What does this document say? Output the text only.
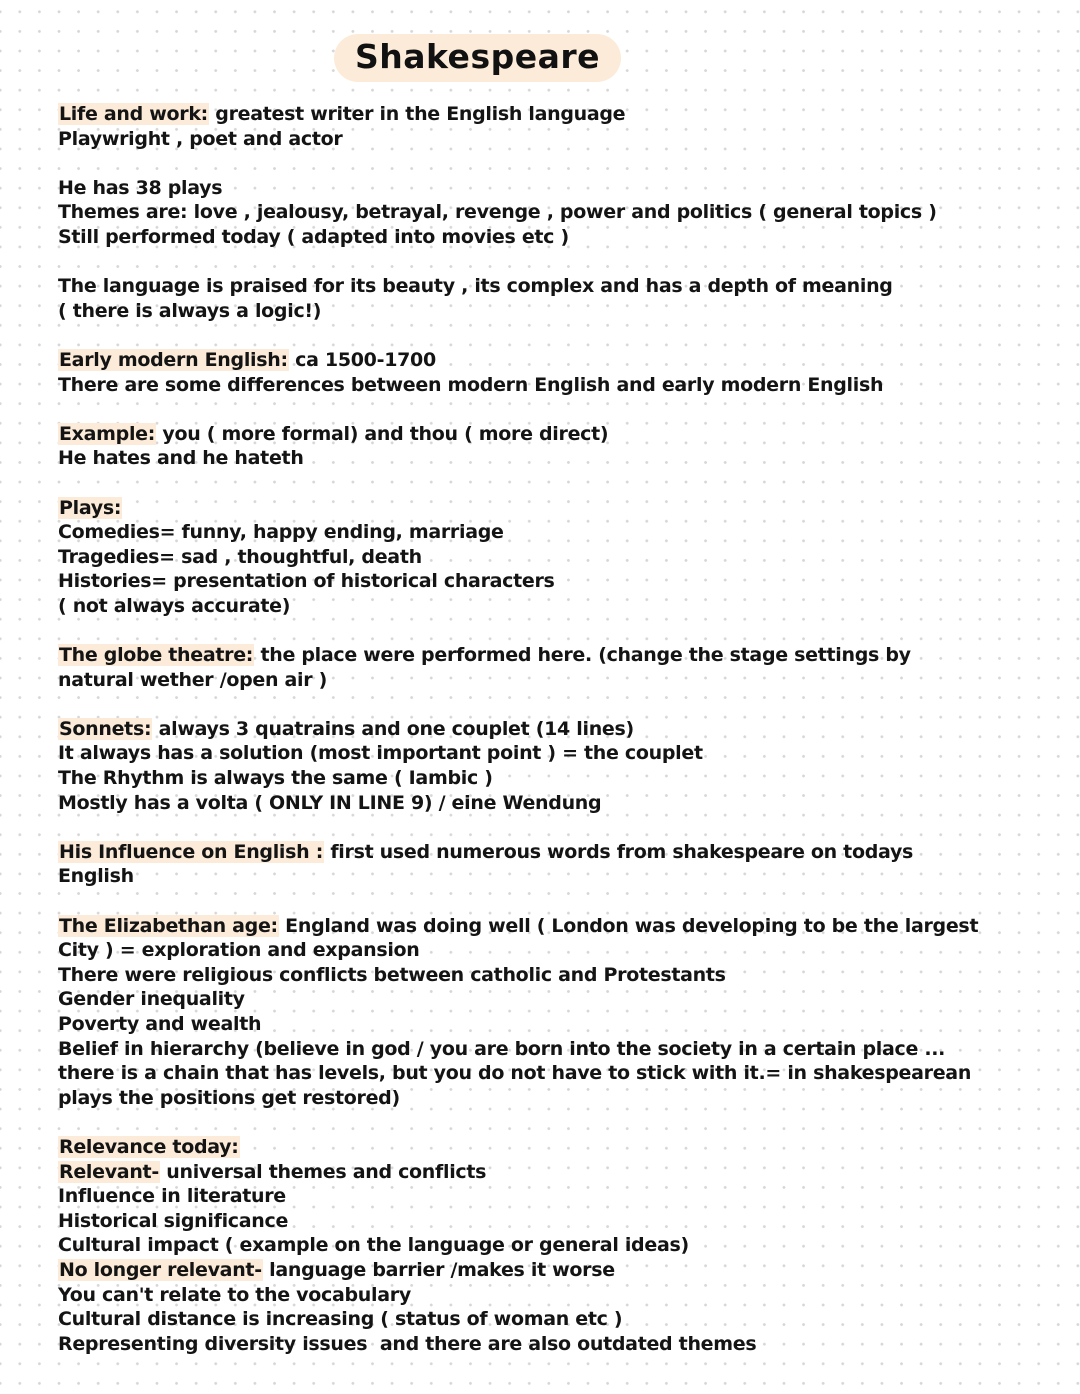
Shakespeare
Life and work: greatest writer in the English language
Playwright , poet and actor
He has 38 plays
Themes are: love , jealousy, betrayal, revenge , power and politics ( general topics )
Still performed today ( adapted into movies etc )
The language is praised for its beauty , its complex and has a depth of meaning
( there is always a logic!)
Early modern English: ca 1500-1700
There are some differences between modern English and early modern English
Example: you ( more formal) and thou ( more direct)
He hates and he hateth
Plays:
Comedies= funny, happy ending, marriage
Tragedies= sad , thoughtful, death
Histories= presentation of historical characters
( not always accurate)
The globe theatre: the place were performed here. (change the stage settings by
natural wether /open air )
Sonnets: always 3 quatrains and one couplet (14 lines)
It always has a solution (most important point ) = the couplet
The Rhythm is always the same ( Iambic )
Mostly has a volta ( ONLY IN LINE 9) / eine Wendung
His Influence on English : first used numerous words from shakespeare on todays
English
The Elizabethan age: England was doing well ( London was developing to be the largest
City ) = exploration and expansion
There were religious conflicts between catholic and Protestants
Gender inequality
Poverty and wealth
Belief in hierarchy (believe in god / you are born into the society in a certain place ...
there is a chain that has levels, but you do not have to stick with it.= in shakespearean
plays the positions get restored)
Relevance today:
Relevant- universal themes and conflicts
Influence in literature
Historical significance
Cultural impact ( example on the language or general ideas)
No longer relevant- language barrier /makes it worse
You can't relate to the vocabulary
Cultural distance is increasing ( status of woman etc )
Representing diversity issues  and there are also outdated themes
